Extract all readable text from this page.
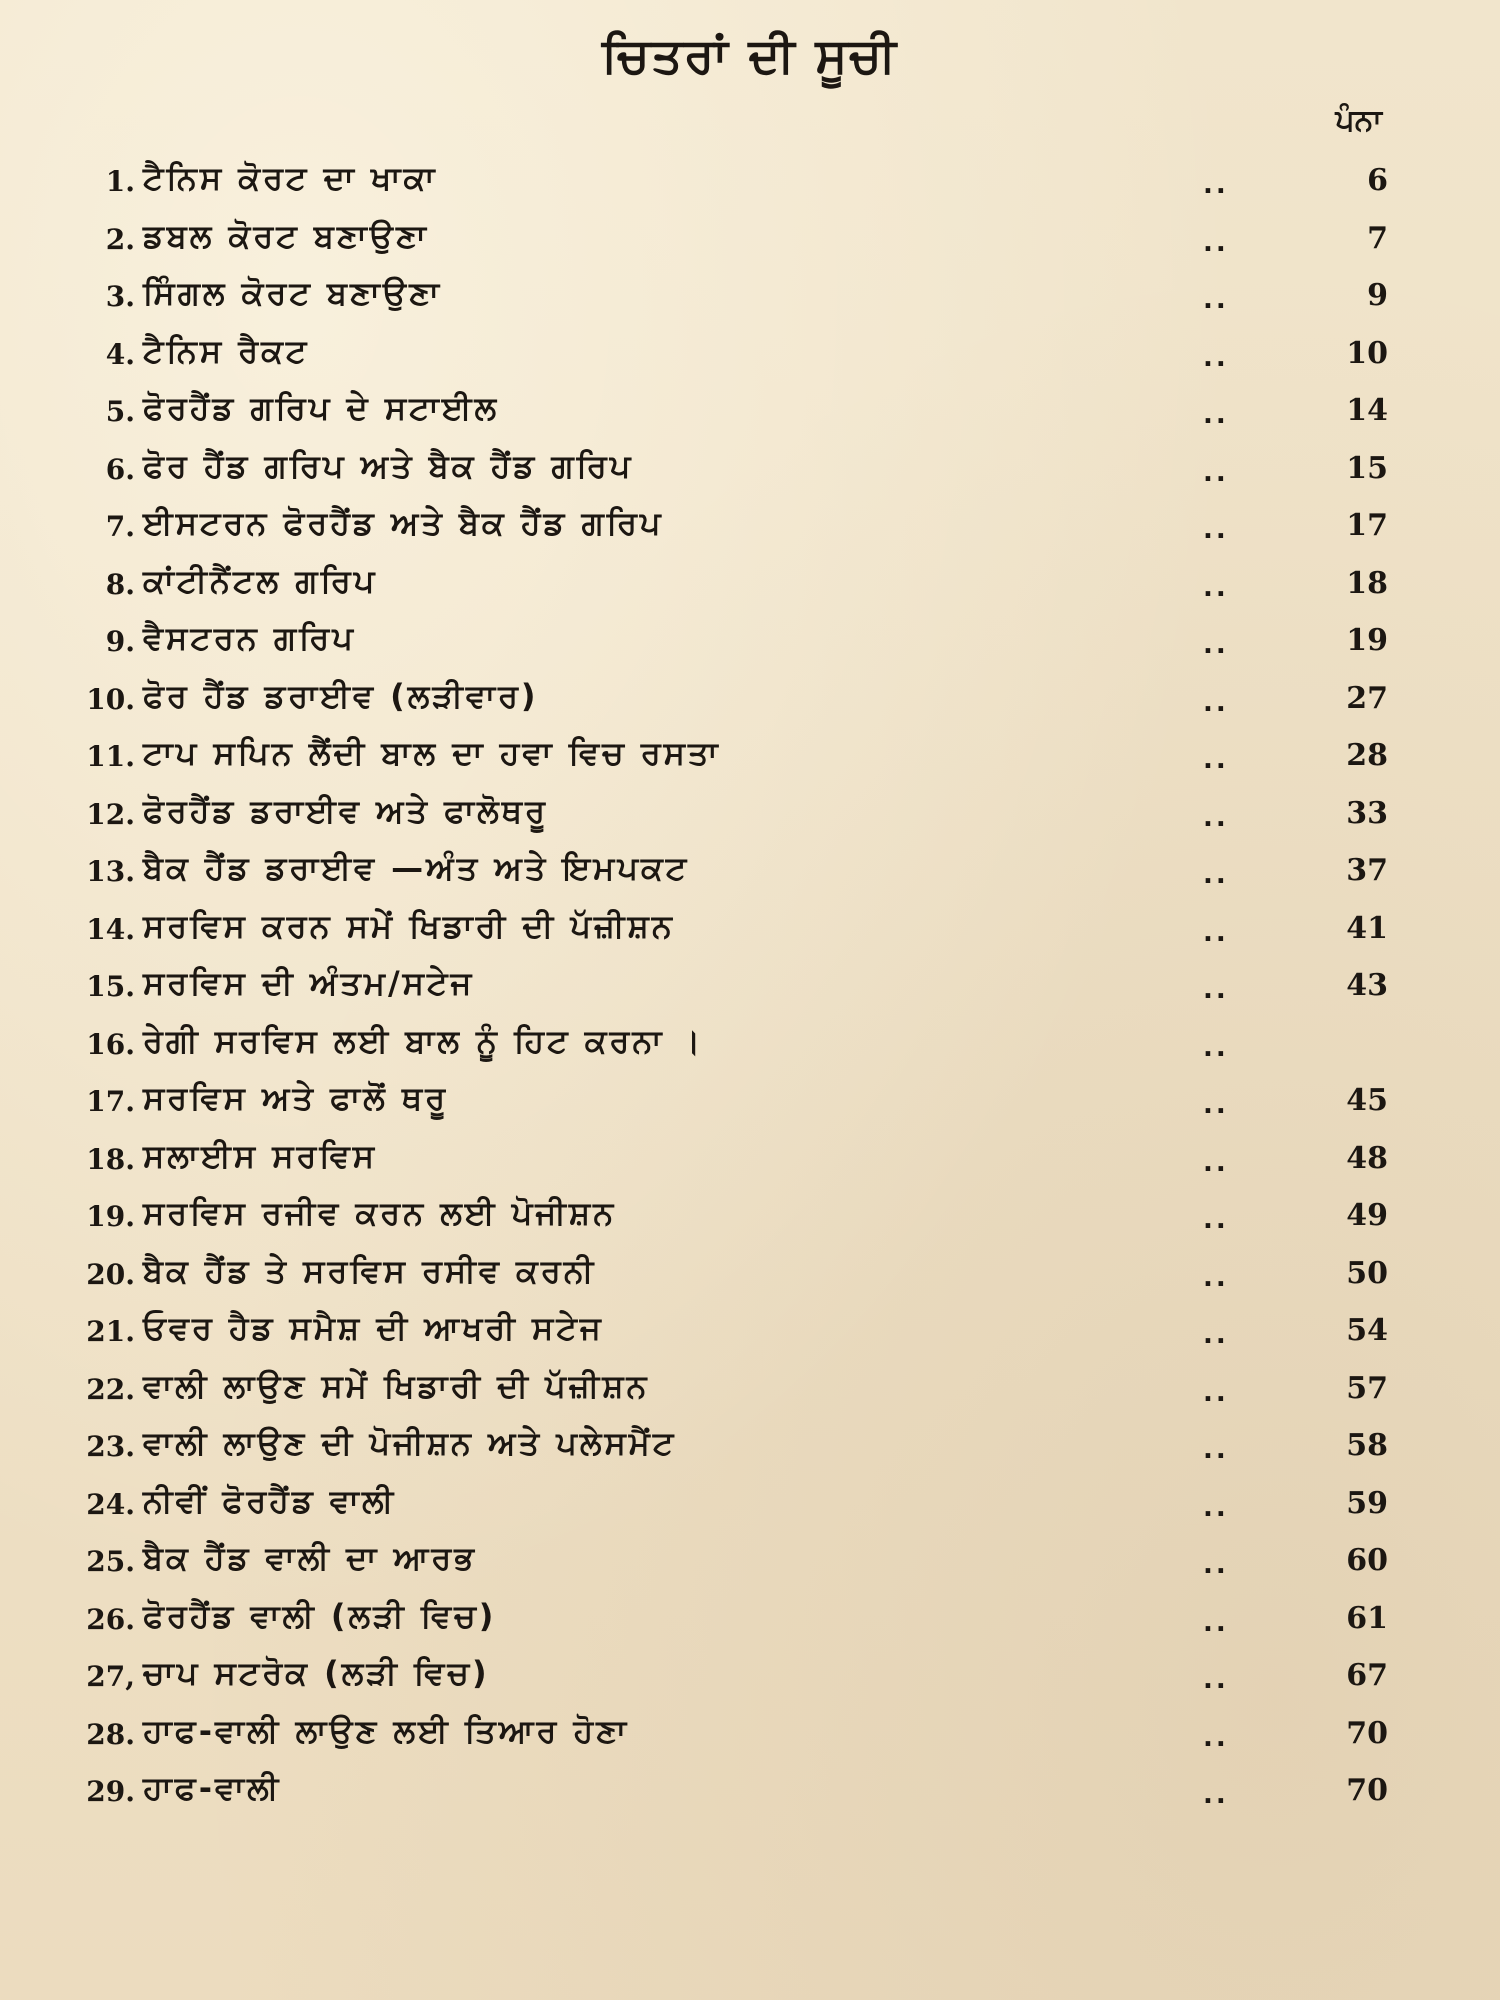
ਚਿਤਰਾਂ ਦੀ ਸੂਚੀ
ਪੰਨਾ
1. ਟੈਨਿਸ ਕੋਰਟ ਦਾ ਖਾਕਾ	..	6
2. ਡਬਲ ਕੋਰਟ ਬਣਾਉਣਾ	..	7
3. ਸਿੰਗਲ ਕੋਰਟ ਬਣਾਉਣਾ	..	9
4. ਟੈਨਿਸ ਰੈਕਟ	..	10
5. ਫੋਰਹੈਂਡ ਗਰਿਪ ਦੇ ਸਟਾਈਲ	..	14
6. ਫੋਰ ਹੈਂਡ ਗਰਿਪ ਅਤੇ ਬੈਕ ਹੈਂਡ ਗਰਿਪ	..	15
7. ਈਸਟਰਨ ਫੋਰਹੈਂਡ ਅਤੇ ਬੈਕ ਹੈਂਡ ਗਰਿਪ	..	17
8. ਕਾਂਟੀਨੈਂਟਲ ਗਰਿਪ	..	18
9. ਵੈਸਟਰਨ ਗਰਿਪ	..	19
10. ਫੋਰ ਹੈਂਡ ਡਰਾਈਵ (ਲੜੀਵਾਰ)	..	27
11. ਟਾਪ ਸਪਿਨ ਲੈਂਦੀ ਬਾਲ ਦਾ ਹਵਾ ਵਿਚ ਰਸਤਾ	..	28
12. ਫੋਰਹੈਂਡ ਡਰਾਈਵ ਅਤੇ ਫਾਲੋਥਰੂ	..	33
13. ਬੈਕ ਹੈਂਡ ਡਰਾਈਵ —ਅੰਤ ਅਤੇ ਇਮਪਕਟ	..	37
14. ਸਰਵਿਸ ਕਰਨ ਸਮੇਂ ਖਿਡਾਰੀ ਦੀ ਪੱਜ਼ੀਸ਼ਨ	..	41
15. ਸਰਵਿਸ ਦੀ ਅੰਤਮ/ਸਟੇਜ	..	43
16. ਰੇਗੀ ਸਰਵਿਸ ਲਈ ਬਾਲ ਨੂੰ ਹਿਟ ਕਰਨਾ ।	..
17. ਸਰਵਿਸ ਅਤੇ ਫਾਲੋਂ ਥਰੂ	..	45
18. ਸਲਾਈਸ ਸਰਵਿਸ	..	48
19. ਸਰਵਿਸ ਰਜੀਵ ਕਰਨ ਲਈ ਪੋਜੀਸ਼ਨ	..	49
20. ਬੈਕ ਹੈਂਡ ਤੇ ਸਰਵਿਸ ਰਸੀਵ ਕਰਨੀ	..	50
21. ਓਵਰ ਹੈਡ ਸਮੈਸ਼ ਦੀ ਆਖਰੀ ਸਟੇਜ	..	54
22. ਵਾਲੀ ਲਾਉਣ ਸਮੇਂ ਖਿਡਾਰੀ ਦੀ ਪੱਜ਼ੀਸ਼ਨ	..	57
23. ਵਾਲੀ ਲਾਉਣ ਦੀ ਪੋਜੀਸ਼ਨ ਅਤੇ ਪਲੇਸਮੈਂਟ	..	58
24. ਨੀਵੀਂ ਫੋਰਹੈਂਡ ਵਾਲੀ	..	59
25. ਬੈਕ ਹੈਂਡ ਵਾਲੀ ਦਾ ਆਰਭ	..	60
26. ਫੋਰਹੈਂਡ ਵਾਲੀ (ਲੜੀ ਵਿਚ)	..	61
27, ਚਾਪ ਸਟਰੋਕ (ਲੜੀ ਵਿਚ)	..	67
28. ਹਾਫ-ਵਾਲੀ ਲਾਉਣ ਲਈ ਤਿਆਰ ਹੋਣਾ	..	70
29. ਹਾਫ-ਵਾਲੀ	..	70
